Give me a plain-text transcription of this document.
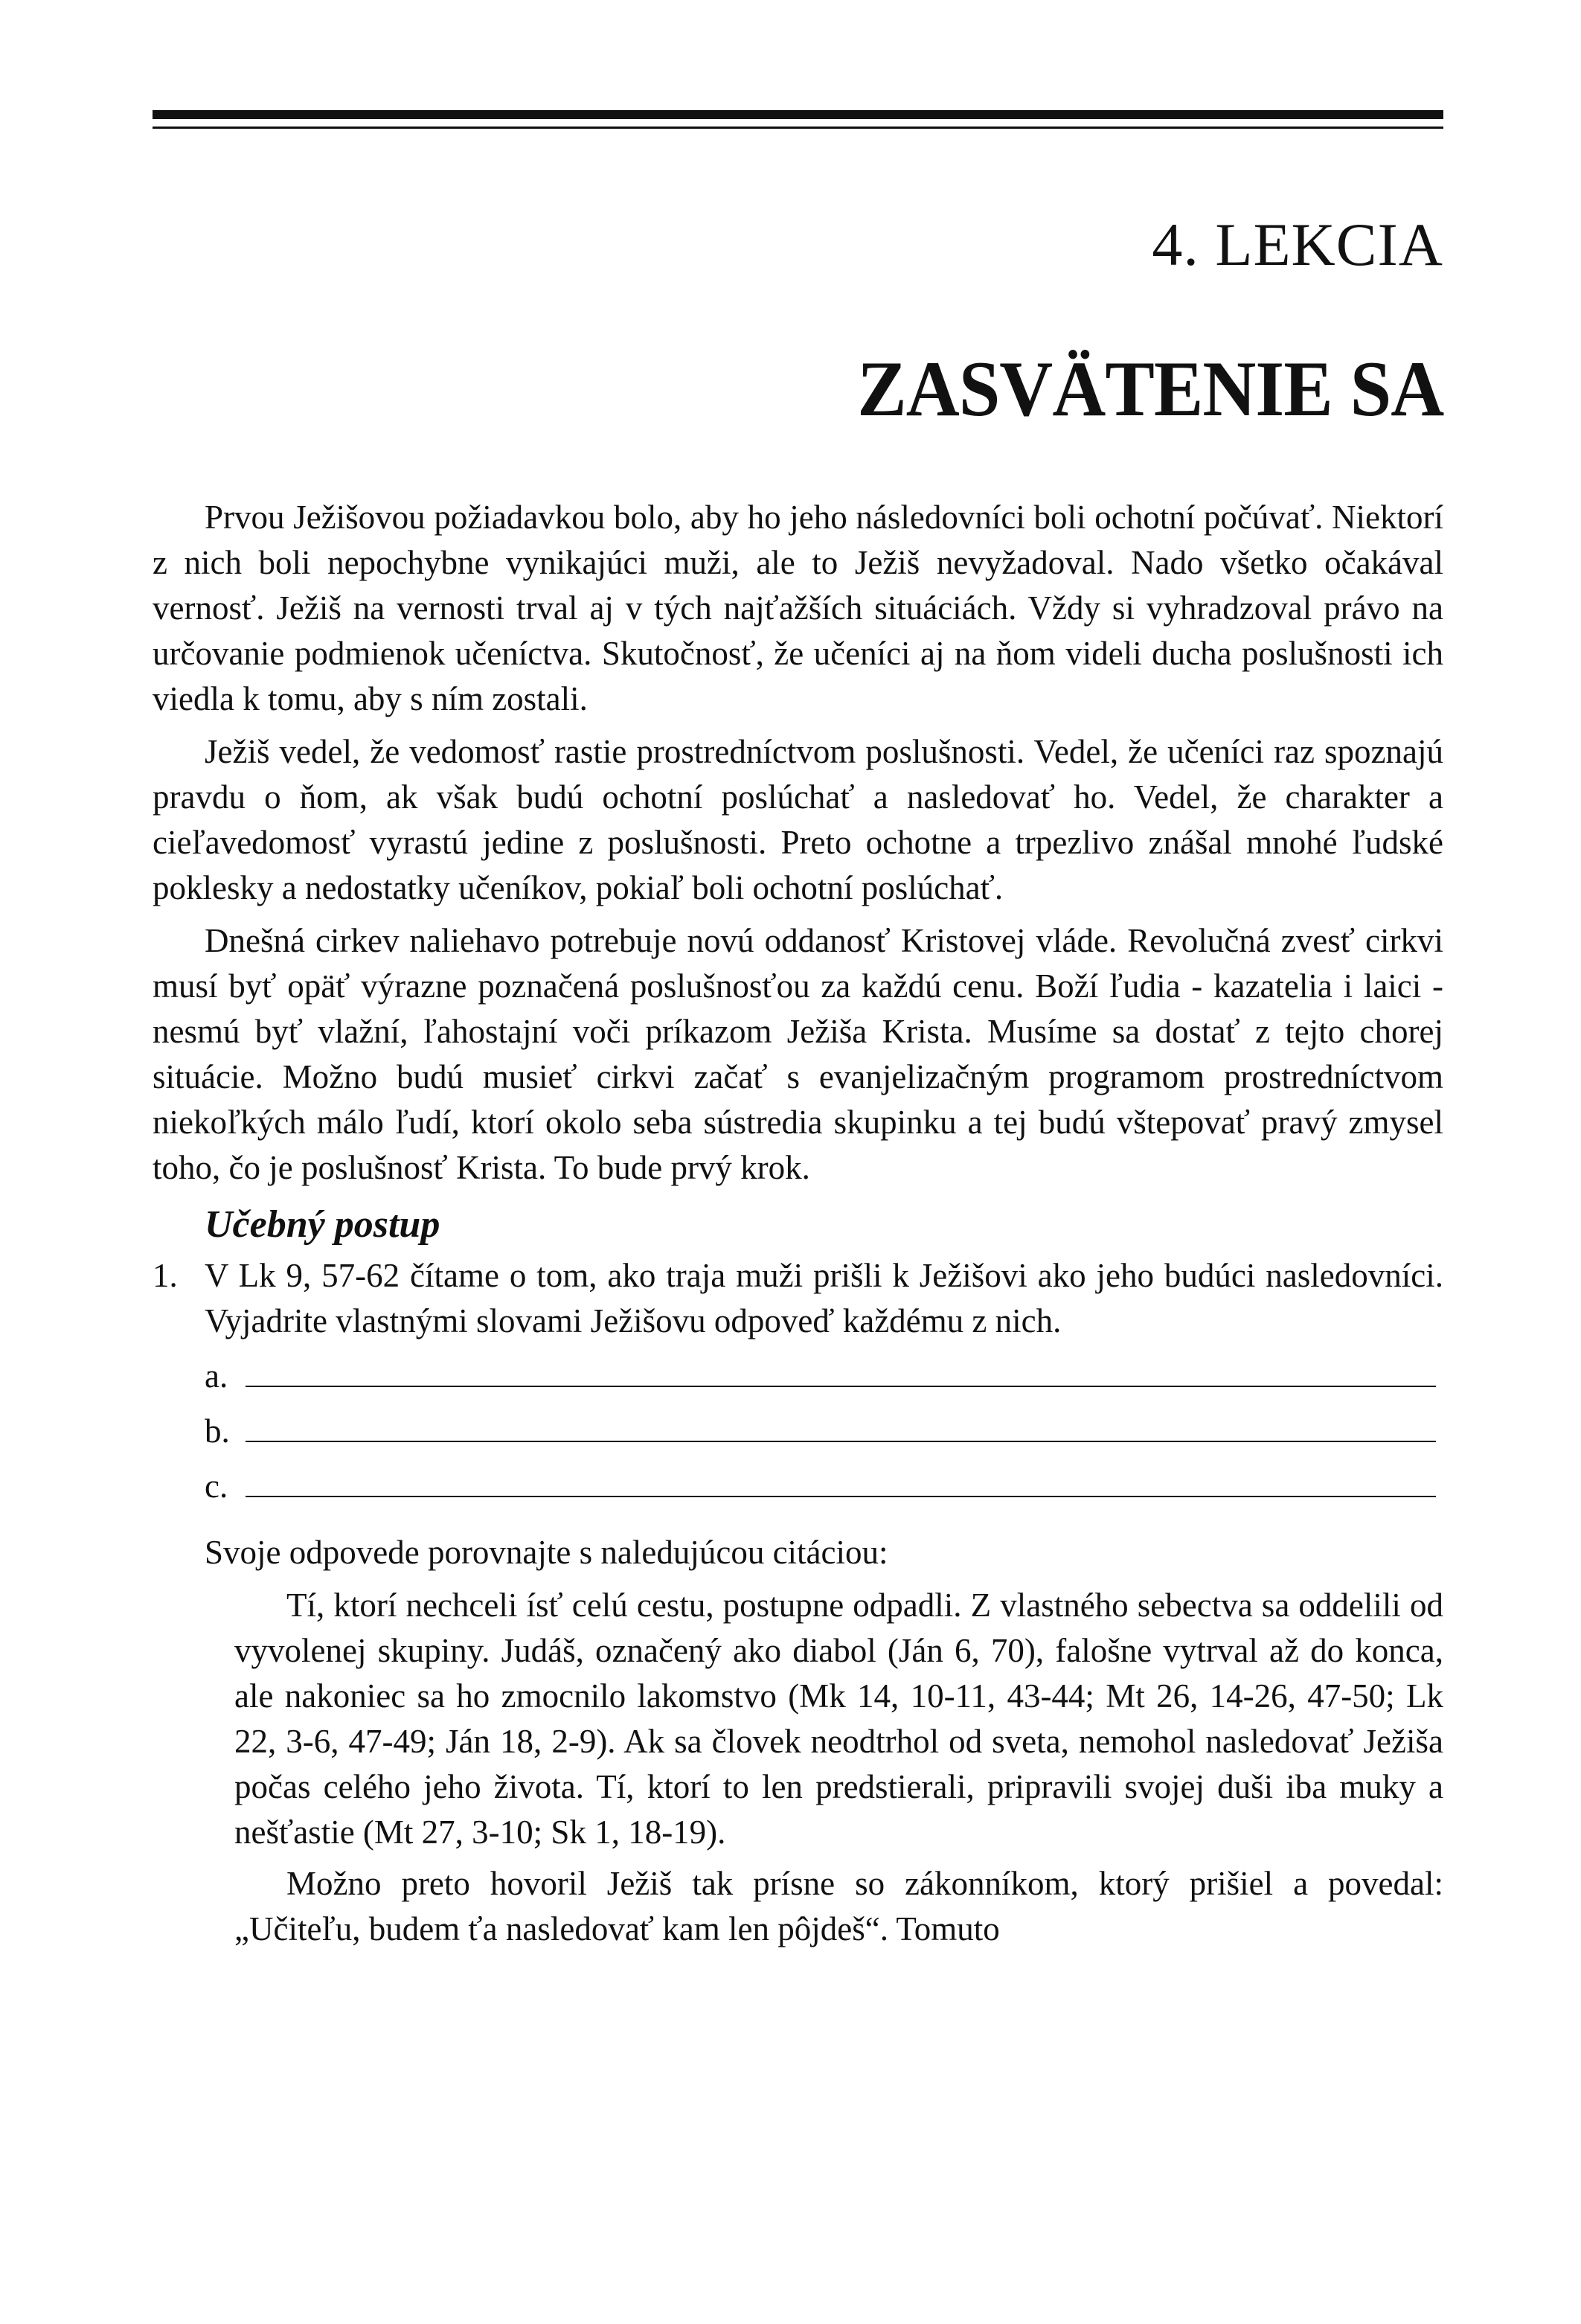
4. LEKCIA
ZASVÄTENIE SA

Prvou Ježišovou požiadavkou bolo, aby ho jeho následovníci boli ochotní počúvať. Niektorí z nich boli nepochybne vynikajúci muži, ale to Ježiš nevyžadoval. Nado všetko očakával vernosť. Ježiš na vernosti trval aj v tých najťažších situáciách. Vždy si vyhradzoval právo na určovanie podmienok učeníctva. Skutočnosť, že učeníci aj na ňom videli ducha poslušnosti ich viedla k tomu, aby s ním zostali.

Ježiš vedel, že vedomosť rastie prostredníctvom poslušnosti. Vedel, že učeníci raz spoznajú pravdu o ňom, ak však budú ochotní poslúchať a nasledovať ho. Vedel, že charakter a cieľavedomosť vyrastú jedine z poslušnosti. Preto ochotne a trpezlivo znášal mnohé ľudské poklesky a nedostatky učeníkov, pokiaľ boli ochotní poslúchať.

Dnešná cirkev naliehavo potrebuje novú oddanosť Kristovej vláde. Revolučná zvesť cirkvi musí byť opäť výrazne poznačená poslušnosťou za každú cenu. Boží ľudia - kazatelia i laici - nesmú byť vlažní, ľahostajní voči príkazom Ježiša Krista. Musíme sa dostať z tejto chorej situácie. Možno budú musieť cirkvi začať s evanjelizačným programom prostredníctvom niekoľkých málo ľudí, ktorí okolo seba sústredia skupinku a tej budú vštepovať pravý zmysel toho, čo je poslušnosť Krista. To bude prvý krok.

Učebný postup
1. V Lk 9, 57-62 čítame o tom, ako traja muži prišli k Ježišovi ako jeho budúci nasledovníci. Vyjadrite vlastnými slovami Ježišovu odpoveď každému z nich.
a.
b.
c.

Svoje odpovede porovnajte s naledujúcou citáciou:

Tí, ktorí nechceli ísť celú cestu, postupne odpadli. Z vlastného sebectva sa oddelili od vyvolenej skupiny. Judáš, označený ako diabol (Ján 6, 70), falošne vytrval až do konca, ale nakoniec sa ho zmocnilo lakomstvo (Mk 14, 10-11, 43-44; Mt 26, 14-26, 47-50; Lk 22, 3-6, 47-49; Ján 18, 2-9). Ak sa človek neodtrhol od sveta, nemohol nasledovať Ježiša počas celého jeho života. Tí, ktorí to len predstierali, pripravili svojej duši iba muky a nešťastie (Mt 27, 3-10; Sk 1, 18-19).

Možno preto hovoril Ježiš tak prísne so zákonníkom, ktorý prišiel a povedal: „Učiteľu, budem ťa nasledovať kam len pôjdeš“. Tomuto
